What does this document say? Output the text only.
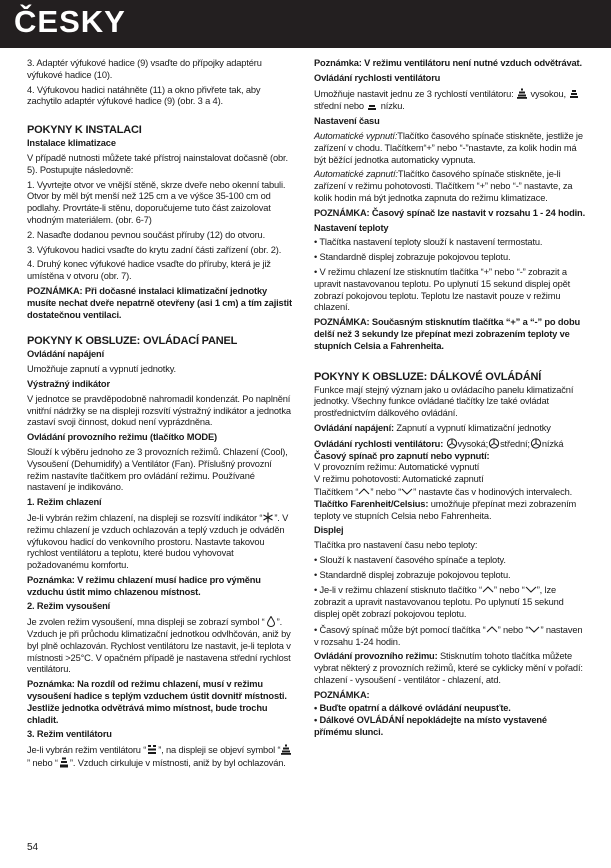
ČESKY

3. Adaptér výfukové hadice (9) vsaďte do přípojky adaptéru výfukové hadice (10).

4. Výfukovou hadici natáhněte (11) a okno přivřete tak, aby zachytilo adaptér výfukové hadice (9) (obr. 3 a 4).

POKYNY K INSTALACI

Instalace klimatizace

V případě nutnosti můžete také přístroj nainstalovat dočasně (obr. 5). Postupujte následovně:

1. Vyvrtejte otvor ve vnější stěně, skrze dveře nebo okenní tabuli. Otvor by měl být menší než 125 cm a ve výšce 35-100 cm od podlahy. Provrtáte-li stěnu, doporučujeme tuto část zaizolovat vhodným materiálem. (obr. 6-7)

2. Nasaďte dodanou pevnou součást příruby (12) do otvoru.

3. Výfukovou hadici vsaďte do krytu zadní části zařízení (obr. 2).

4. Druhý konec výfukové hadice vsaďte do příruby, která je již umístěna v otvoru (obr. 7).

POZNÁMKA: Při dočasné instalaci klimatizační jednotky musíte nechat dveře nepatrně otevřeny (asi 1 cm) a tím zajistit dostatečnou ventilaci.

POKYNY K OBSLUZE: OVLÁDACÍ PANEL

Ovládání napájení

Umožňuje zapnutí a vypnutí jednotky.

Výstražný indikátor

V jednotce se pravděpodobně nahromadil kondenzát. Po naplnění vnitřní nádržky se na displeji rozsvítí výstražný indikátor a jednotka zastaví svoji činnost, dokud není vyprázdněna.

Ovládání provozního režimu (tlačítko MODE)

Slouží k výběru jednoho ze 3 provozních režimů. Chlazení (Cool), Vysoušení (Dehumidify) a Ventilátor (Fan). Příslušný provozní režim nastavíte tlačítkem pro ovládání režimu. Používané nastavení je indikováno.

1. Režim chlazení

Je-li vybrán režim chlazení, na displeji se rozsvítí indikátor “ ”. V režimu chlazení je vzduch ochlazován a teplý vzduch je odváděn výfukovou hadicí do venkovního prostoru. Nastavte takovou rychlost ventilátoru a teplotu, které budou vyhovovat požadovanému komfortu.

Poznámka: V režimu chlazení musí hadice pro výměnu vzduchu ústit mimo chlazenou místnost.

2. Režim vysoušení

Je zvolen režim vysoušení, mna displeji se zobrazí symbol “ ”. Vzduch je při průchodu klimatizační jednotkou odvlhčován, aniž by byl plně ochlazován. Rychlost ventilátoru lze nastavit, je-li teplota v místnosti >25°C. V opačném případě je nastavena střední rychlost ventilátoru.

Poznámka: Na rozdíl od režimu chlazení, musí v režimu vysoušení hadice s teplým vzduchem ústit dovnitř místnosti. Jestliže jednotka odvětrává mimo místnost, bude trochu chladit.

3. Režim ventilátoru

Je-li vybrán režim ventilátoru “ ”, na displeji se objeví symbol “
” nebo “ ”. Vzduch cirkuluje v místnosti, aniž by byl ochlazován.

Poznámka: V režimu ventilátoru není nutné vzduch odvětrávat.

Ovládání rychlosti ventilátoru

Umožňuje nastavit jednu ze 3 rychlostí ventilátoru: vysokou,

střední nebo nízku.

Nastavení času

Automatické vypnutí:Tlačítko časového spínače stiskněte, jestliže je zařízení v chodu. Tlačítkem“+” nebo “-”nastavte, za kolik hodin má být běžící jednotka automaticky vypnuta.

Automatické zapnutí:Tlačítko časového spínače stiskněte, je-li zařízení v režimu pohotovosti. Tlačítkem “+” nebo “-” nastavte, za kolik hodin má být jednotka zapnuta do režimu klimatizace.

POZNÁMKA: Časový spínač lze nastavit v rozsahu 1 - 24 hodin.

Nastavení teploty

• Tlačítka nastavení teploty slouží k nastavení termostatu.

• Standardně displej zobrazuje pokojovou teplotu.

• V režimu chlazení lze stisknutím tlačítka “+” nebo “-” zobrazit a upravit nastavovanou teplotu. Po uplynutí 15 sekund displej opět zobrazí pokojovou teplotu. Teplotu lze nastavit pouze v režimu chlazení.

POZNÁMKA: Současným stisknutím tlačítka “+” a “-” po dobu delší než 3 sekundy lze přepínat mezi zobrazením teploty ve stupních Celsia a Fahrenheita.

POKYNY K OBSLUZE: DÁLKOVÉ OVLÁDÁNÍ

Funkce mají stejný význam jako u ovládacího panelu klimatizační jednotky. Všechny funkce ovládané tlačítky lze také ovládat prostřednictvím dálkového ovládání.

Ovládání napájení: Zapnutí a vypnutí klimatizační jednotky

Ovládání rychlosti ventilátoru: vysoká; střední; nízká

Časový spínač pro zapnutí nebo vypnutí:

V provozním režimu: Automatické vypnutí

V režimu pohotovosti: Automatické zapnutí

Tlačítkem “ ” nebo “ ” nastavte čas v hodinových intervalech.

Tlačítko Farenheit/Celsius: umožňuje přepínat mezi zobrazením teploty ve stupních Celsia nebo Fahrenheita.

Displej

Tlačítka pro nastavení času nebo teploty:

• Slouží k nastavení časového spínače a teploty.

• Standardně displej zobrazuje pokojovou teplotu.

• Je-li v režimu chlazení stisknuto tlačítko “ ” nebo “ ”, lze zobrazit a upravit nastavovanou teplotu. Po uplynutí 15 sekund displej opět zobrazí pokojovou teplotu.

• Časový spínač může být pomocí tlačítka “ ” nebo “ ” nastaven v rozsahu 1-24 hodin.

Ovládání provozního režimu: Stisknutím tohoto tlačítka můžete vybrat některý z provozních režimů, které se cyklicky mění v pořadí: chlazení - vysoušení - ventilátor - chlazení, atd.

POZNÁMKA:

• Buďte opatrní a dálkové ovládání neupusťte.

• Dálkové OVLÁDÁNÍ nepokládejte na místo vystavené přímému slunci.

54
